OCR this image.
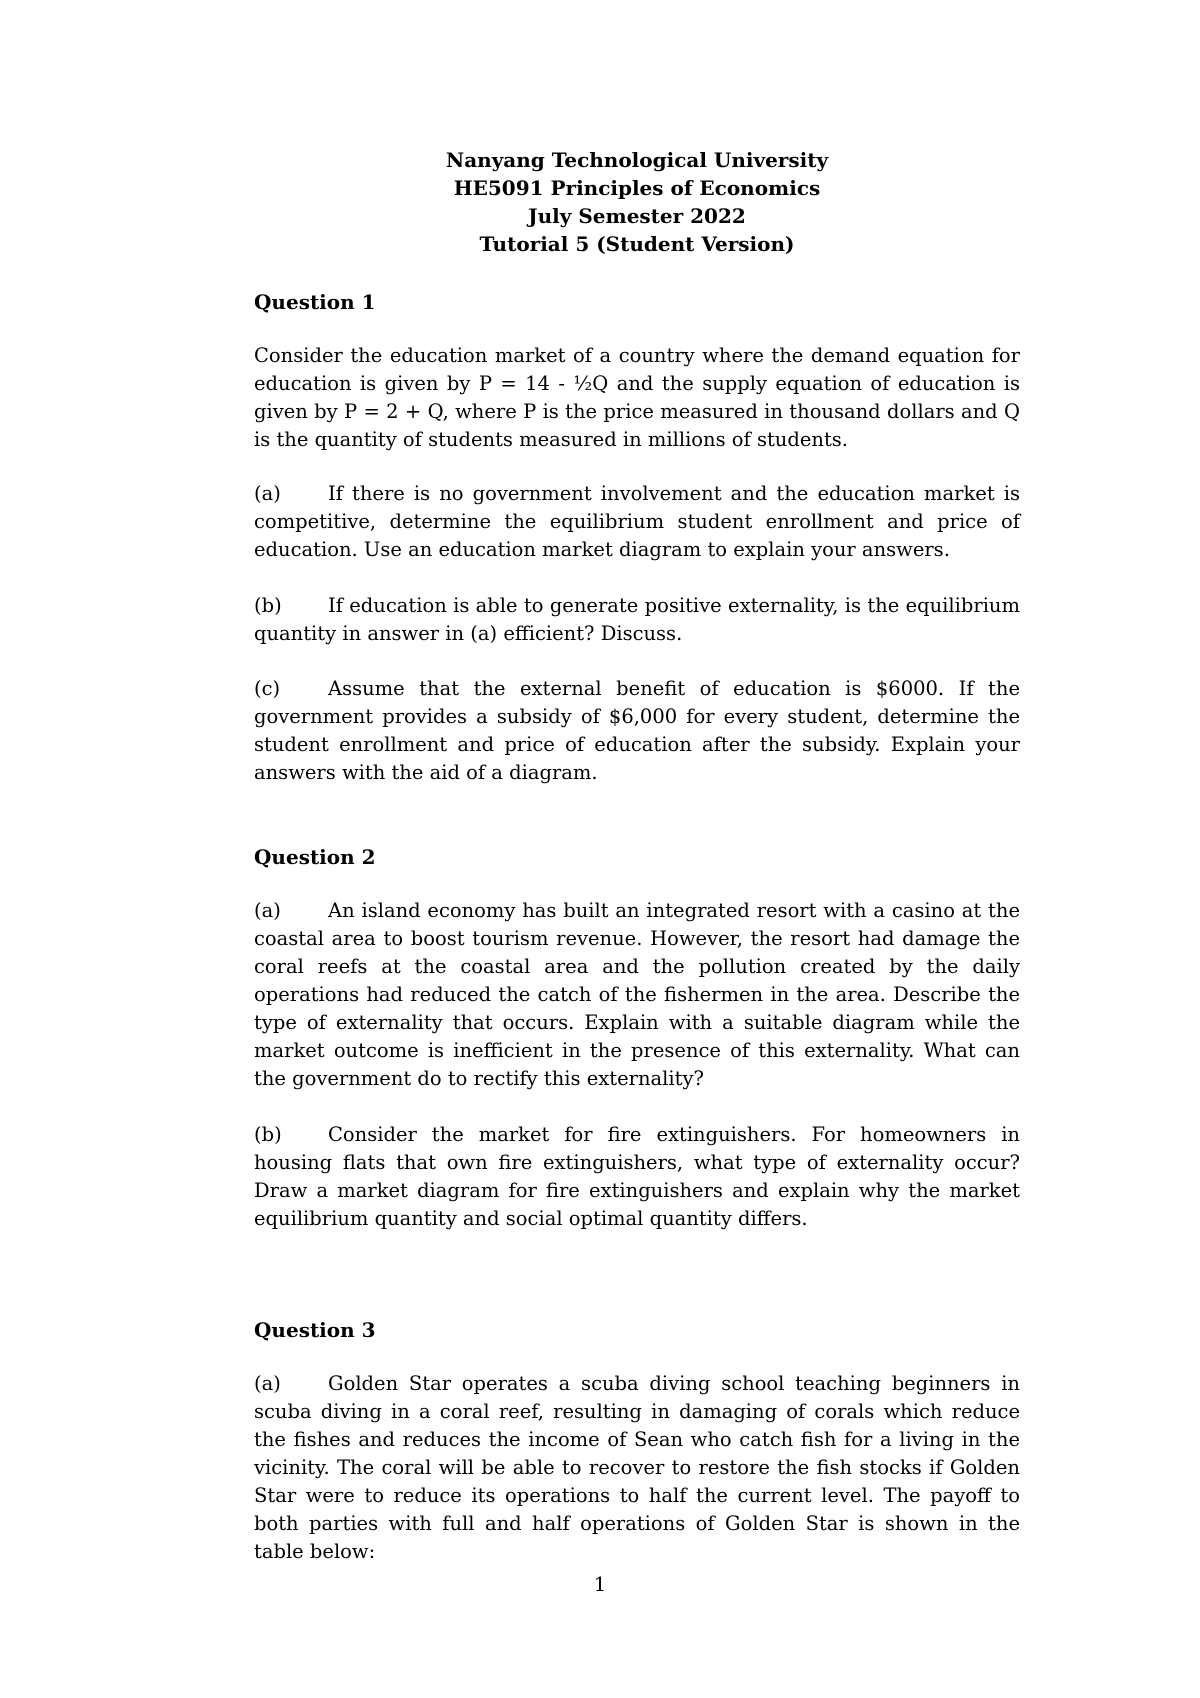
Nanyang Technological University
HE5091 Principles of Economics
July Semester 2022
Tutorial 5 (Student Version)
Question 1

Consider the education market of a country where the demand equation for education is given by P = 14 - ½Q and the supply equation of education is given by P = 2 + Q, where P is the price measured in thousand dollars and Q is the quantity of students measured in millions of students.

(a) If there is no government involvement and the education market is competitive, determine the equilibrium student enrollment and price of education. Use an education market diagram to explain your answers.

(b) If education is able to generate positive externality, is the equilibrium quantity in answer in (a) efficient? Discuss.

(c) Assume that the external benefit of education is $6000. If the government provides a subsidy of $6,000 for every student, determine the student enrollment and price of education after the subsidy. Explain your answers with the aid of a diagram.

Question 2

(a) An island economy has built an integrated resort with a casino at the coastal area to boost tourism revenue. However, the resort had damage the coral reefs at the coastal area and the pollution created by the daily operations had reduced the catch of the fishermen in the area. Describe the type of externality that occurs. Explain with a suitable diagram while the market outcome is inefficient in the presence of this externality. What can the government do to rectify this externality?

(b) Consider the market for fire extinguishers. For homeowners in housing flats that own fire extinguishers, what type of externality occur? Draw a market diagram for fire extinguishers and explain why the market equilibrium quantity and social optimal quantity differs.

Question 3

(a) Golden Star operates a scuba diving school teaching beginners in scuba diving in a coral reef, resulting in damaging of corals which reduce the fishes and reduces the income of Sean who catch fish for a living in the vicinity. The coral will be able to recover to restore the fish stocks if Golden Star were to reduce its operations to half the current level. The payoff to both parties with full and half operations of Golden Star is shown in the table below:

1
